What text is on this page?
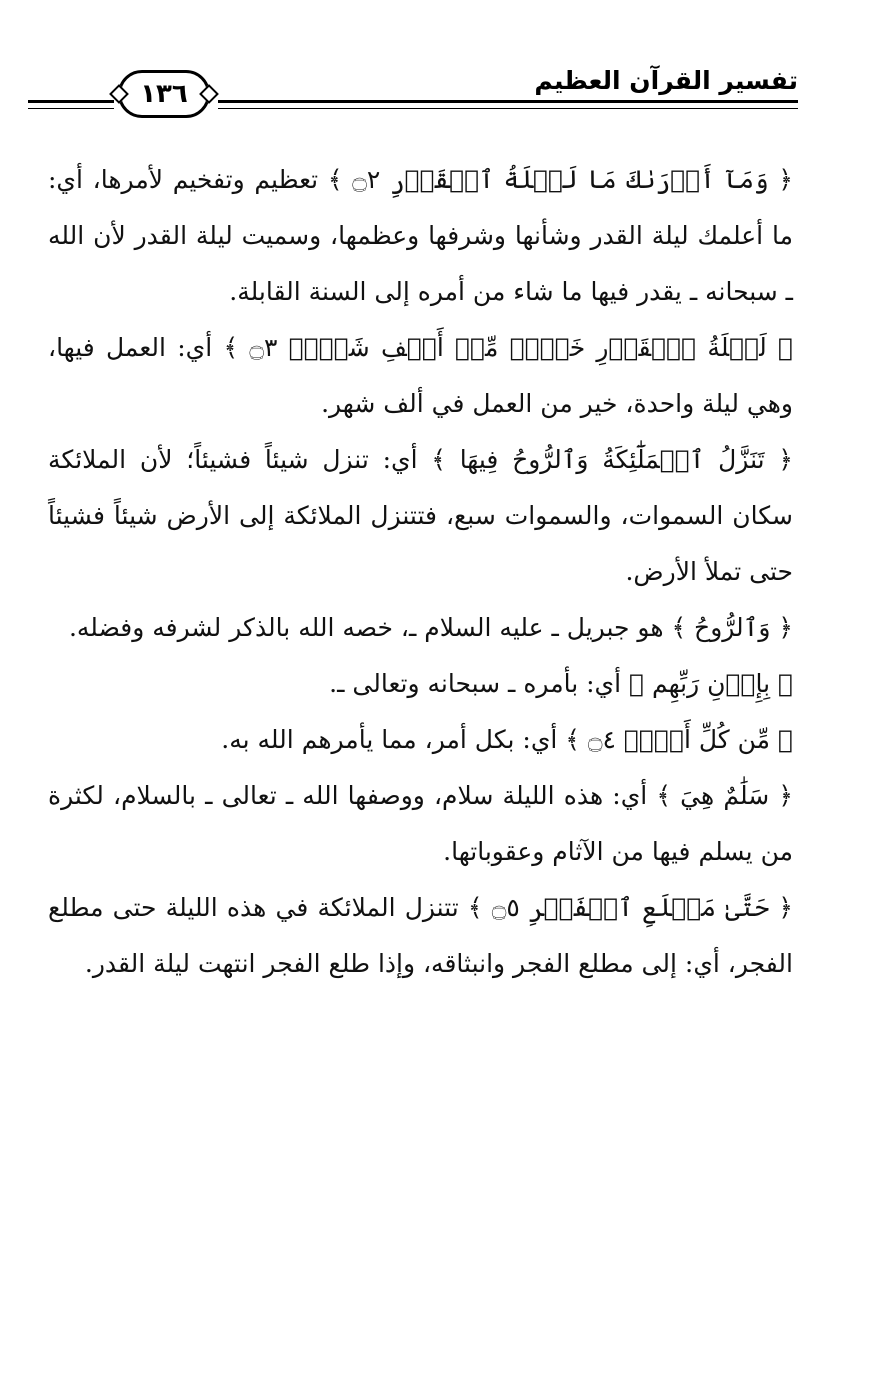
١٣٦	تفسير القرآن العظيم

﴿ وَمَآ أَدۡرَىٰكَ مَا لَيۡلَةُ ٱلۡقَدۡرِ ۝٢ ﴾ تعظيم وتفخيم لأمرها، أي: ما أعلمك ليلة القدر وشأنها وشرفها وعظمها، وسميت ليلة القدر لأن الله ـ سبحانه ـ يقدر فيها ما شاء من أمره إلى السنة القابلة.

﴿ لَيۡلَةُ ٱلۡقَدۡرِ خَيۡرٞ مِّنۡ أَلۡفِ شَهۡرٖ ۝٣ ﴾ أي: العمل فيها، وهي ليلة واحدة، خير من العمل في ألف شهر.

﴿ تَنَزَّلُ ٱلۡمَلَٰٓئِكَةُ وَٱلرُّوحُ فِيهَا ﴾ أي: تنزل شيئاً فشيئاً؛ لأن الملائكة سكان السموات، والسموات سبع، فتتنزل الملائكة إلى الأرض شيئاً فشيئاً حتى تملأ الأرض.

﴿ وَٱلرُّوحُ ﴾ هو جبريل ـ عليه السلام ـ، خصه الله بالذكر لشرفه وفضله.

﴿ بِإِذۡنِ رَبِّهِم ﴾ أي: بأمره ـ سبحانه وتعالى ـ.

﴿ مِّن كُلِّ أَمۡرٖ ۝٤ ﴾ أي: بكل أمر، مما يأمرهم الله به.

﴿ سَلَٰمٌ هِيَ ﴾ أي: هذه الليلة سلام، ووصفها الله ـ تعالى ـ بالسلام، لكثرة من يسلم فيها من الآثام وعقوباتها.

﴿ حَتَّىٰ مَطۡلَعِ ٱلۡفَجۡرِ ۝٥ ﴾ تتنزل الملائكة في هذه الليلة حتى مطلع الفجر، أي: إلى مطلع الفجر وانبثاقه، وإذا طلع الفجر انتهت ليلة القدر.
